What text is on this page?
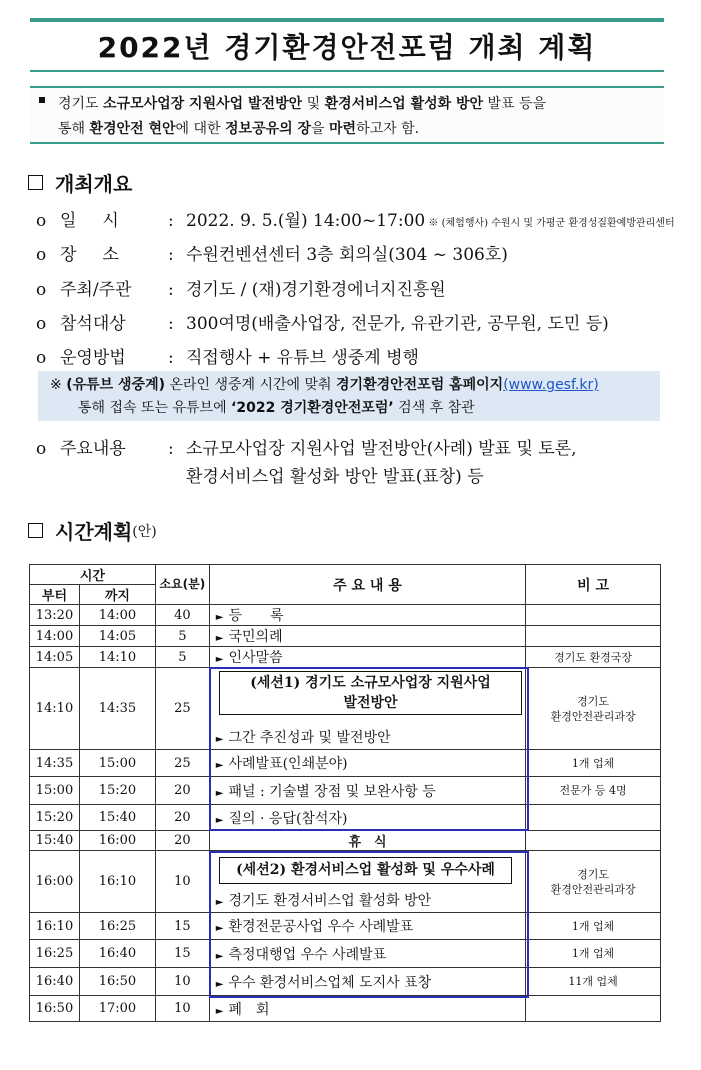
2022년 경기환경안전포럼 개최 계획
경기도 소규모사업장 지원사업 발전방안 및 환경서비스업 활성화 방안 발표 등을
통해 환경안전 현안에 대한 정보공유의 장을 마련하고자 함.
개최개요
o 일시 : 2022. 9. 5.(월) 14:00~17:00 ※ (체험행사) 수원시 및 가평군 환경성질환예방관리센터
o 장소 : 수원컨벤션센터 3층 회의실(304 ~ 306호)
o 주최/주관 : 경기도 / (재)경기환경에너지진흥원
o 참석대상 : 300여명(배출사업장, 전문가, 유관기관, 공무원, 도민 등)
o 운영방법 : 직접행사 + 유튜브 생중계 병행
※ (유튜브 생중계) 온라인 생중계 시간에 맞춰 경기환경안전포럼 홈페이지(www.gesf.kr)
통해 접속 또는 유튜브에 ‘2022 경기환경안전포럼’ 검색 후 참관
o 주요내용 : 소규모사업장 지원사업 발전방안(사례) 발표 및 토론,
환경서비스업 활성화 방안 발표(표창) 등
시간계획 (안)
시간		소요(분)	주 요 내 용	비 고
부터	까지			
13:20	14:00	40	► 등　　록	
14:00	14:05	5	► 국민의례	
14:05	14:10	5	► 인사말씀	경기도 환경국장
14:10	14:35	25	► 그간 추진성과 및 발전방안	경기도
환경안전관리과장

14:35	15:00	25	► 사례발표(인쇄분야)	1개 업체
15:00	15:20	20	► 패널 : 기술별 장점 및 보완사항 등	전문가 등 4명
15:20	15:40	20	► 질의 · 응답(참석자)	
15:40	16:00	20	휴　식	
16:00	16:10	10	► 경기도 환경서비스업 활성화 방안	경기도
환경안전관리과장

16:10	16:25	15	► 환경전문공사업 우수 사례발표	1개 업체
16:25	16:40	15	► 측정대행업 우수 사례발표	1개 업체
16:40	16:50	10	► 우수 환경서비스업체 도지사 표창	11개 업체
16:50	17:00	10	► 폐　회	
(세션1) 경기도 소규모사업장 지원사업
발전방안
(세션2) 환경서비스업 활성화 및 우수사례
